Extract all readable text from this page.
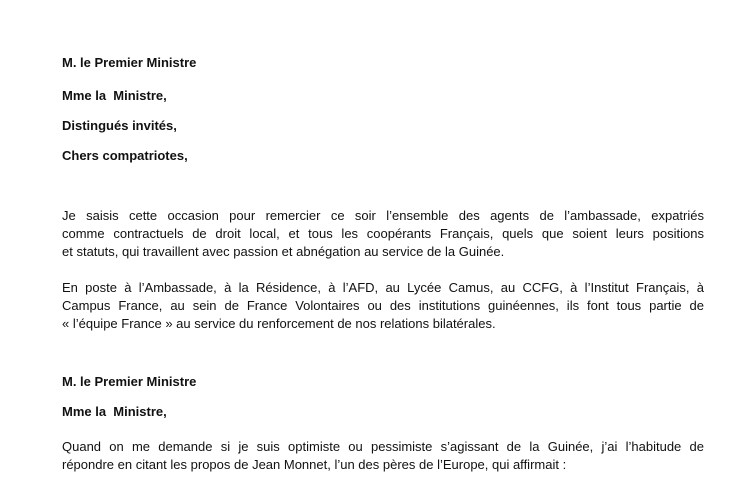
M. le Premier Ministre
Mme la  Ministre,
Distingués invités,
Chers compatriotes,
Je saisis cette occasion pour remercier ce soir l’ensemble des agents de l’ambassade, expatriés
comme contractuels de droit local, et tous les coopérants Français, quels que soient leurs positions
et statuts, qui travaillent avec passion et abnégation au service de la Guinée.
En poste à l’Ambassade, à la Résidence, à l’AFD, au Lycée Camus, au CCFG, à l’Institut Français, à
Campus France, au sein de France Volontaires ou des institutions guinéennes, ils font tous partie de
« l’équipe France » au service du renforcement de nos relations bilatérales.
M. le Premier Ministre
Mme la  Ministre,
Quand on me demande si je suis optimiste ou pessimiste s’agissant de la Guinée, j’ai l’habitude de
répondre en citant les propos de Jean Monnet, l’un des pères de l’Europe, qui affirmait :
